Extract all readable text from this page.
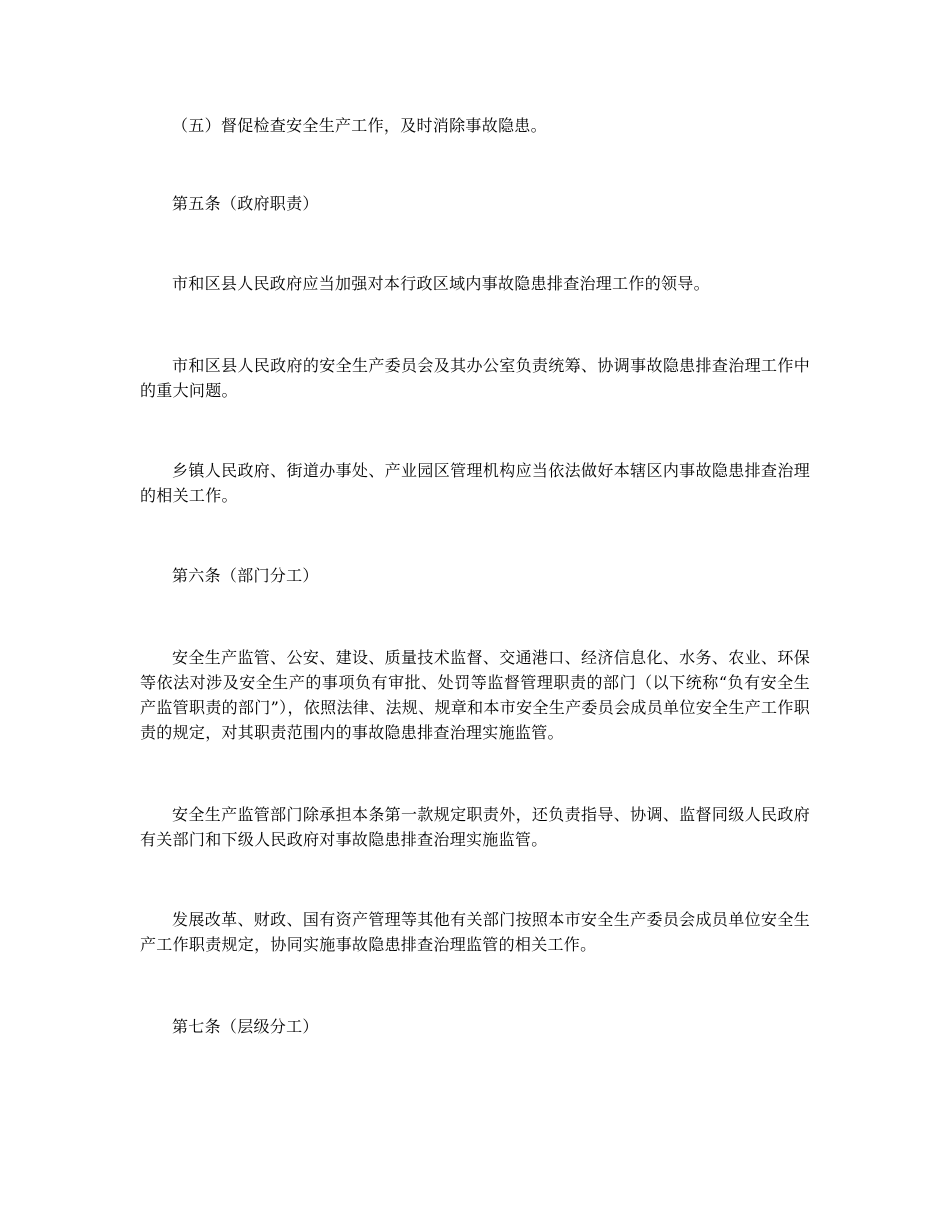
（五）督促检查安全生产工作，及时消除事故隐患。

第五条（政府职责）

市和区县人民政府应当加强对本行政区域内事故隐患排查治理工作的领导。

市和区县人民政府的安全生产委员会及其办公室负责统筹、协调事故隐患排查治理工作中的重大问题。

乡镇人民政府、街道办事处、产业园区管理机构应当依法做好本辖区内事故隐患排查治理的相关工作。

第六条（部门分工）

安全生产监管、公安、建设、质量技术监督、交通港口、经济信息化、水务、农业、环保等依法对涉及安全生产的事项负有审批、处罚等监督管理职责的部门（以下统称“负有安全生产监管职责的部门”），依照法律、法规、规章和本市安全生产委员会成员单位安全生产工作职责的规定，对其职责范围内的事故隐患排查治理实施监管。

安全生产监管部门除承担本条第一款规定职责外，还负责指导、协调、监督同级人民政府有关部门和下级人民政府对事故隐患排查治理实施监管。

发展改革、财政、国有资产管理等其他有关部门按照本市安全生产委员会成员单位安全生产工作职责规定，协同实施事故隐患排查治理监管的相关工作。

第七条（层级分工）
